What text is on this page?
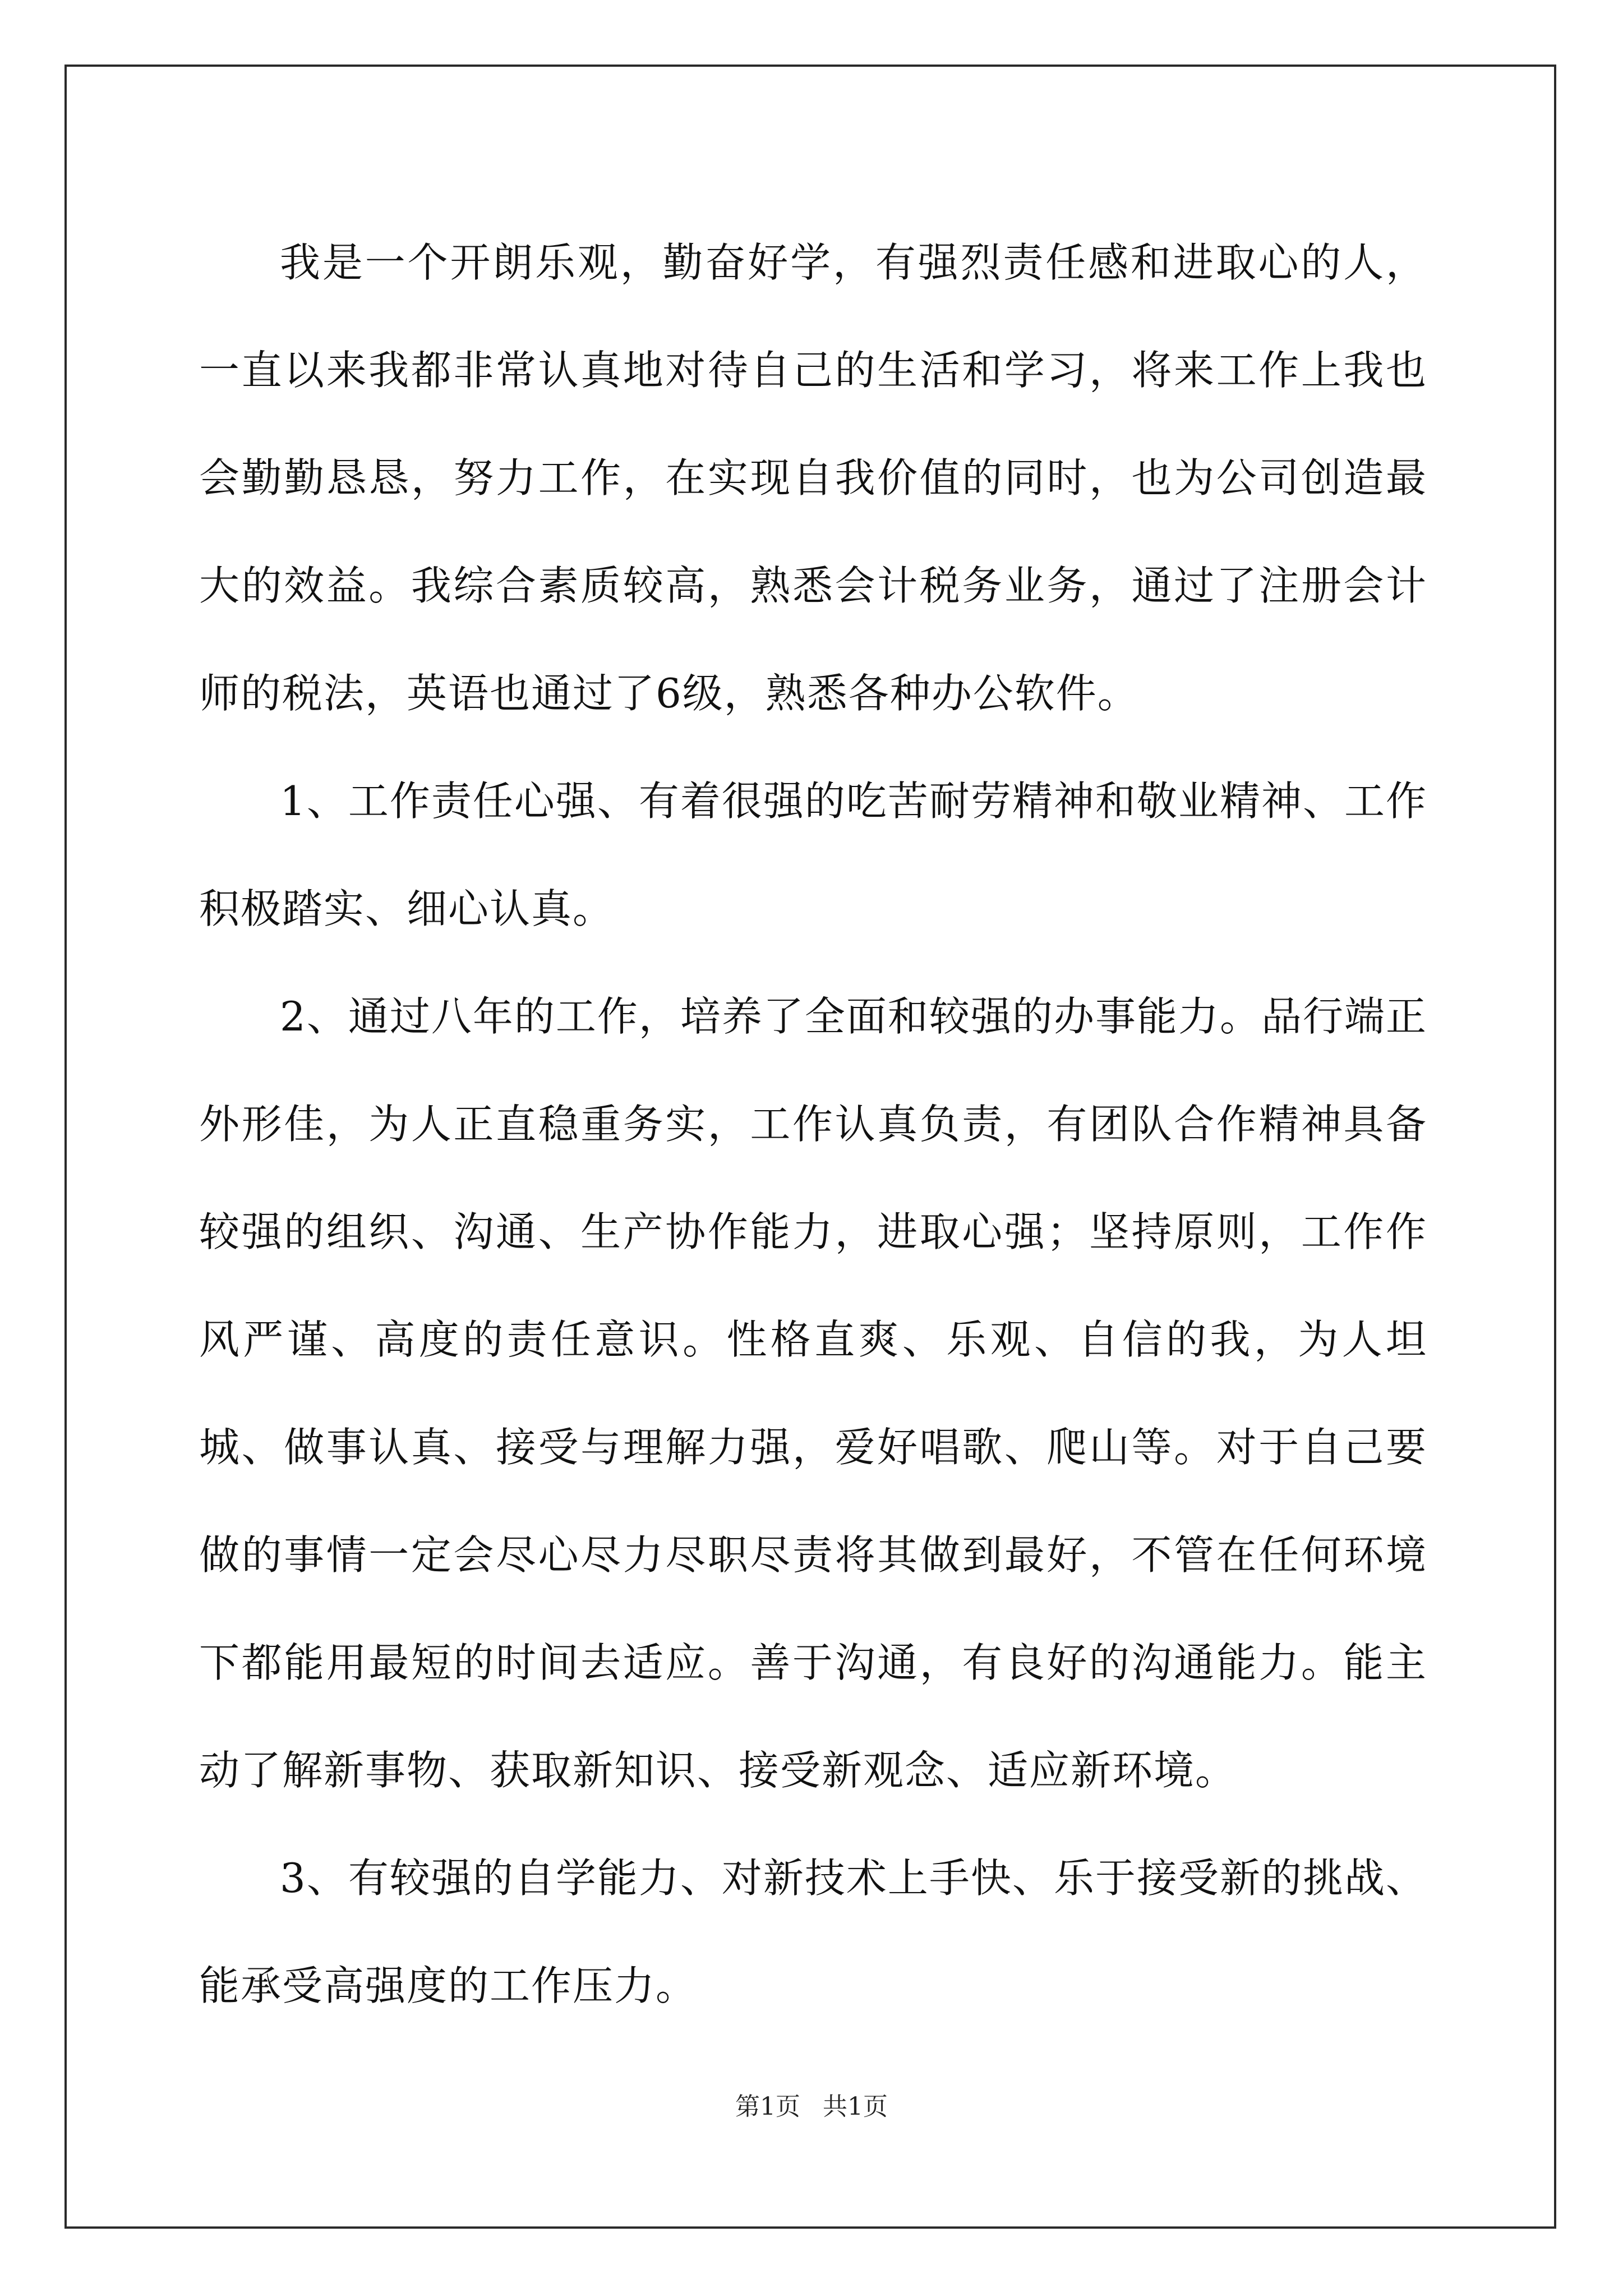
我是一个开朗乐观，勤奋好学，有强烈责任感和进取心的人，一直以来我都非常认真地对待自己的生活和学习，将来工作上我也会勤勤恳恳，努力工作，在实现自我价值的同时，也为公司创造最大的效益。我综合素质较高，熟悉会计税务业务，通过了注册会计师的税法，英语也通过了6级，熟悉各种办公软件。

1、工作责任心强、有着很强的吃苦耐劳精神和敬业精神、工作积极踏实、细心认真。

2、通过八年的工作，培养了全面和较强的办事能力。品行端正外形佳，为人正直稳重务实，工作认真负责，有团队合作精神具备较强的组织、沟通、生产协作能力，进取心强；坚持原则，工作作风严谨、高度的责任意识。性格直爽、乐观、自信的我，为人坦城、做事认真、接受与理解力强，爱好唱歌、爬山等。对于自己要做的事情一定会尽心尽力尽职尽责将其做到最好，不管在任何环境下都能用最短的时间去适应。善于沟通，有良好的沟通能力。能主动了解新事物、获取新知识、接受新观念、适应新环境。

3、有较强的自学能力、对新技术上手快、乐于接受新的挑战、能承受高强度的工作压力。

第1页 共1页
